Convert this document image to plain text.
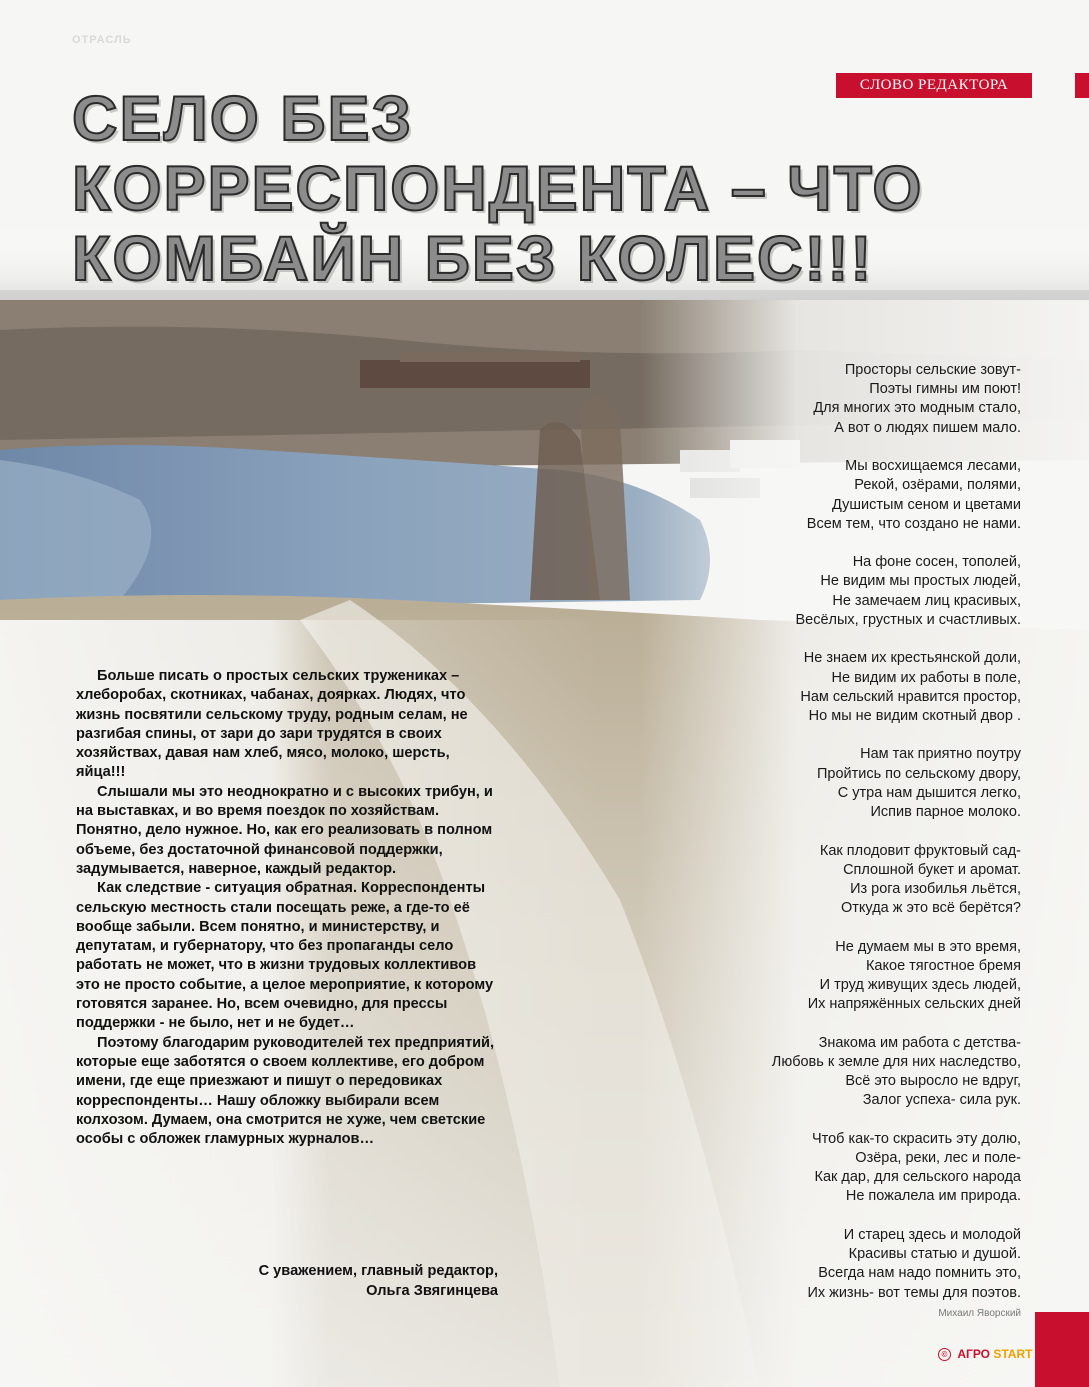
ОТРАСЛЬ
СЛОВО РЕДАКТОРА
СЕЛО БЕЗ
КОРРЕСПОНДЕНТА – ЧТО
КОМБАЙН БЕЗ КОЛЕС!!!

Больше писать о простых сельских тружениках – хлеборобах, скотниках, чабанах, доярках. Людях, что жизнь посвятили сельскому труду, родным селам, не разгибая спины, от зари до зари трудятся в своих хозяйствах, давая нам хлеб, мясо, молоко, шерсть, яйца!!!

Слышали мы это неоднократно и с высоких трибун, и на выставках, и во время поездок по хозяйствам. Понятно, дело нужное. Но, как его реализовать в полном объеме, без достаточной финансовой поддержки, задумывается, наверное, каждый редактор.

Как следствие - ситуация обратная. Корреспонденты сельскую местность стали посещать реже, а где-то её вообще забыли. Всем понятно, и министерству, и депутатам, и губернатору, что без пропаганды село работать не может, что в жизни трудовых коллективов это не просто событие, а целое мероприятие, к которому готовятся заранее. Но, всем очевидно, для прессы поддержки - не было, нет и не будет…

Поэтому благодарим руководителей тех предприятий, которые еще заботятся о своем коллективе, его добром имени, где еще приезжают и пишут о передовиках корреспонденты… Нашу обложку выбирали всем колхозом. Думаем, она смотрится не хуже, чем светские особы с обложек гламурных журналов…

С уважением, главный редактор,
Ольга Звягинцева
Просторы сельские зовут-
Поэты гимны им поют!
Для многих это модным стало,
А вот о людях пишем мало.
Мы восхищаемся лесами,
Рекой, озёрами, полями,
Душистым сеном и цветами
Всем тем, что создано не нами.
На фоне сосен, тополей,
Не видим мы простых людей,
Не замечаем лиц красивых,
Весёлых, грустных и счастливых.
Не знаем их крестьянской доли,
Не видим их работы в поле,
Нам сельский нравится простор,
Но мы не видим скотный двор .
Нам так приятно поутру
Пройтись по сельскому двору,
С утра нам дышится легко,
Испив парное молоко.
Как плодовит фруктовый сад-
Сплошной букет и аромат.
Из рога изобилья льётся,
Откуда ж это всё берётся?
Не думаем мы в это время,
Какое тягостное бремя
И труд живущих здесь людей,
Их напряжённых сельских дней
Знакома им работа с детства-
Любовь к земле для них наследство,
Всё это выросло не вдруг,
Залог успеха- сила рук.
Чтоб как-то скрасить эту долю,
Озёра, реки, лес и поле-
Как дар, для сельского народа
Не пожалела им природа.
И старец здесь и молодой
Красивы статью и душой.
Всегда нам надо помнить это,
Их жизнь- вот темы для поэтов.
Михаил Яворский
© АГРО START
